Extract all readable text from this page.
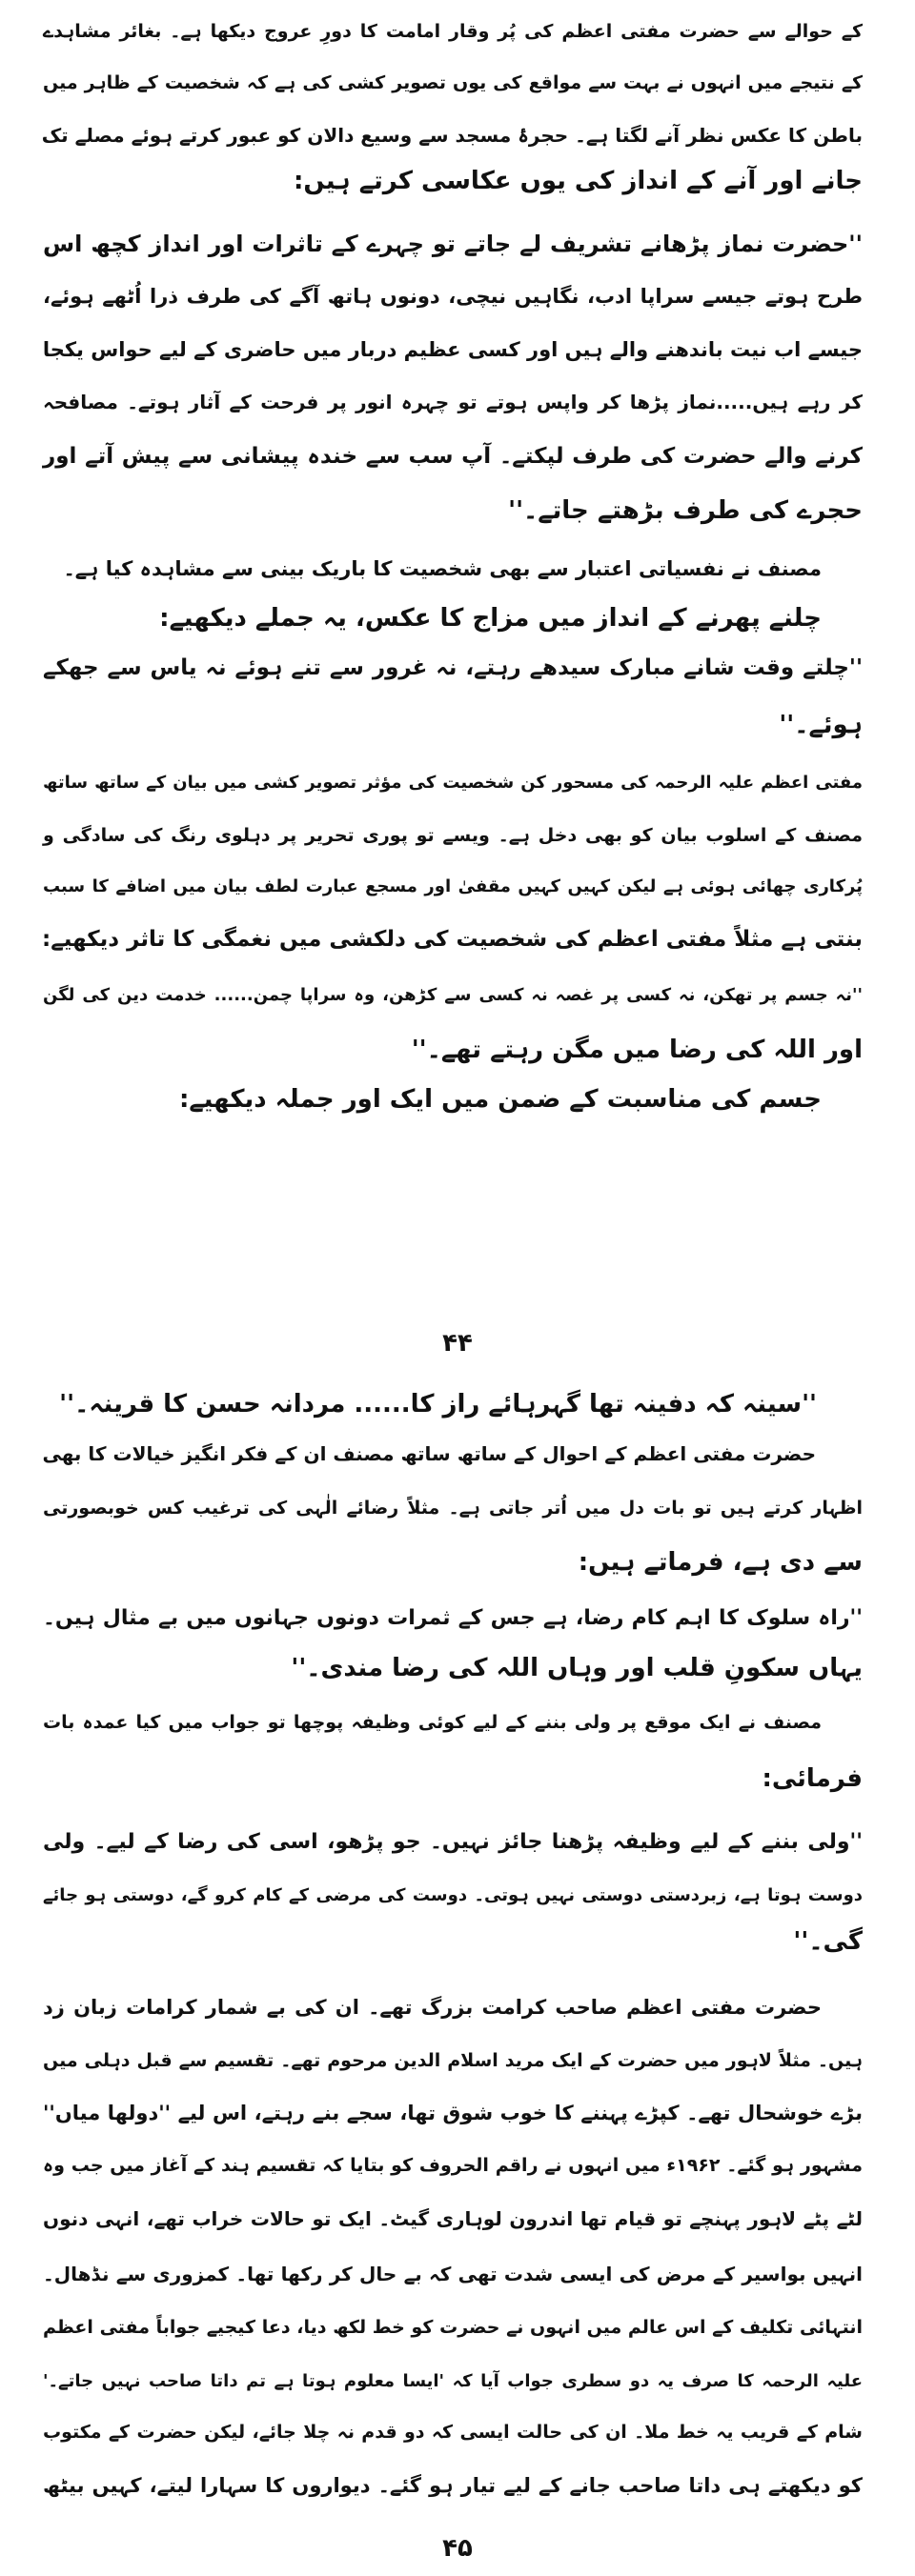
کے حوالے سے حضرت مفتی اعظم کی پُر وقار امامت کا دورِ عروج دیکھا ہے۔ بغائر مشاہدے
کے نتیجے میں انہوں نے بہت سے مواقع کی یوں تصویر کشی کی ہے کہ شخصیت کے ظاہر میں
باطن کا عکس نظر آنے لگتا ہے۔ حجرۂ مسجد سے وسیع دالان کو عبور کرتے ہوئے مصلے تک
جانے اور آنے کے انداز کی یوں عکاسی کرتے ہیں:
''حضرت نماز پڑھانے تشریف لے جاتے تو چہرے کے تاثرات اور انداز کچھ اس
طرح ہوتے جیسے سراپا ادب، نگاہیں نیچی، دونوں ہاتھ آگے کی طرف ذرا اُٹھے ہوئے،
جیسے اب نیت باندھنے والے ہیں اور کسی عظیم دربار میں حاضری کے لیے حواس یکجا
کر رہے ہیں.....نماز پڑھا کر واپس ہوتے تو چہرہ انور پر فرحت کے آثار ہوتے۔ مصافحہ
کرنے والے حضرت کی طرف لپکتے۔ آپ سب سے خندہ پیشانی سے پیش آتے اور
حجرے کی طرف بڑھتے جاتے۔''
مصنف نے نفسیاتی اعتبار سے بھی شخصیت کا باریک بینی سے مشاہدہ کیا ہے۔
چلنے پھرنے کے انداز میں مزاج کا عکس، یہ جملے دیکھیے:
''چلتے وقت شانے مبارک سیدھے رہتے، نہ غرور سے تنے ہوئے نہ یاس سے جھکے
ہوئے۔''
مفتی اعظم علیہ الرحمہ کی مسحور کن شخصیت کی مؤثر تصویر کشی میں بیان کے ساتھ ساتھ
مصنف کے اسلوب بیان کو بھی دخل ہے۔ ویسے تو پوری تحریر پر دہلوی رنگ کی سادگی و
پُرکاری چھائی ہوئی ہے لیکن کہیں کہیں مقفیٰ اور مسجع عبارت لطف بیان میں اضافے کا سبب
بنتی ہے مثلاً مفتی اعظم کی شخصیت کی دلکشی میں نغمگی کا تاثر دیکھیے:
''نہ جسم پر تھکن، نہ کسی پر غصہ نہ کسی سے کڑھن، وہ سراپا چمن...... خدمت دین کی لگن
اور اللہ کی رضا میں مگن رہتے تھے۔''
جسم کی مناسبت کے ضمن میں ایک اور جملہ دیکھیے:
۴۴
''سینہ کہ دفینہ تھا گہرہائے راز کا...... مردانہ حسن کا قرینہ۔''
حضرت مفتی اعظم کے احوال کے ساتھ ساتھ مصنف ان کے فکر انگیز خیالات کا بھی
اظہار کرتے ہیں تو بات دل میں اُتر جاتی ہے۔ مثلاً رضائے الٰہی کی ترغیب کس خوبصورتی
سے دی ہے، فرماتے ہیں:
''راہ سلوک کا اہم کام رضا، ہے جس کے ثمرات دونوں جہانوں میں بے مثال ہیں۔
یہاں سکونِ قلب اور وہاں اللہ کی رضا مندی۔''
مصنف نے ایک موقع پر ولی بننے کے لیے کوئی وظیفہ پوچھا تو جواب میں کیا عمدہ بات
فرمائی:
''ولی بننے کے لیے وظیفہ پڑھنا جائز نہیں۔ جو پڑھو، اسی کی رضا کے لیے۔ ولی
دوست ہوتا ہے، زبردستی دوستی نہیں ہوتی۔ دوست کی مرضی کے کام کرو گے، دوستی ہو جائے
گی۔''
حضرت مفتی اعظم صاحب کرامت بزرگ تھے۔ ان کی بے شمار کرامات زبان زد
ہیں۔ مثلاً لاہور میں حضرت کے ایک مرید اسلام الدین مرحوم تھے۔ تقسیم سے قبل دہلی میں
بڑے خوشحال تھے۔ کپڑے پہننے کا خوب شوق تھا، سجے بنے رہتے، اس لیے ''دولھا میاں''
مشہور ہو گئے۔ ۱۹۶۲ء میں انہوں نے راقم الحروف کو بتایا کہ تقسیم ہند کے آغاز میں جب وہ
لٹے پٹے لاہور پہنچے تو قیام تھا اندرون لوہاری گیٹ۔ ایک تو حالات خراب تھے، انہی دنوں
انہیں بواسیر کے مرض کی ایسی شدت تھی کہ بے حال کر رکھا تھا۔ کمزوری سے نڈھال۔
انتہائی تکلیف کے اس عالم میں انہوں نے حضرت کو خط لکھ دیا، دعا کیجیے جواباً مفتی اعظم
علیہ الرحمہ کا صرف یہ دو سطری جواب آیا کہ 'ایسا معلوم ہوتا ہے تم داتا صاحب نہیں جاتے۔'
شام کے قریب یہ خط ملا۔ ان کی حالت ایسی کہ دو قدم نہ چلا جائے، لیکن حضرت کے مکتوب
کو دیکھتے ہی داتا صاحب جانے کے لیے تیار ہو گئے۔ دیواروں کا سہارا لیتے، کہیں بیٹھ
۴۵
